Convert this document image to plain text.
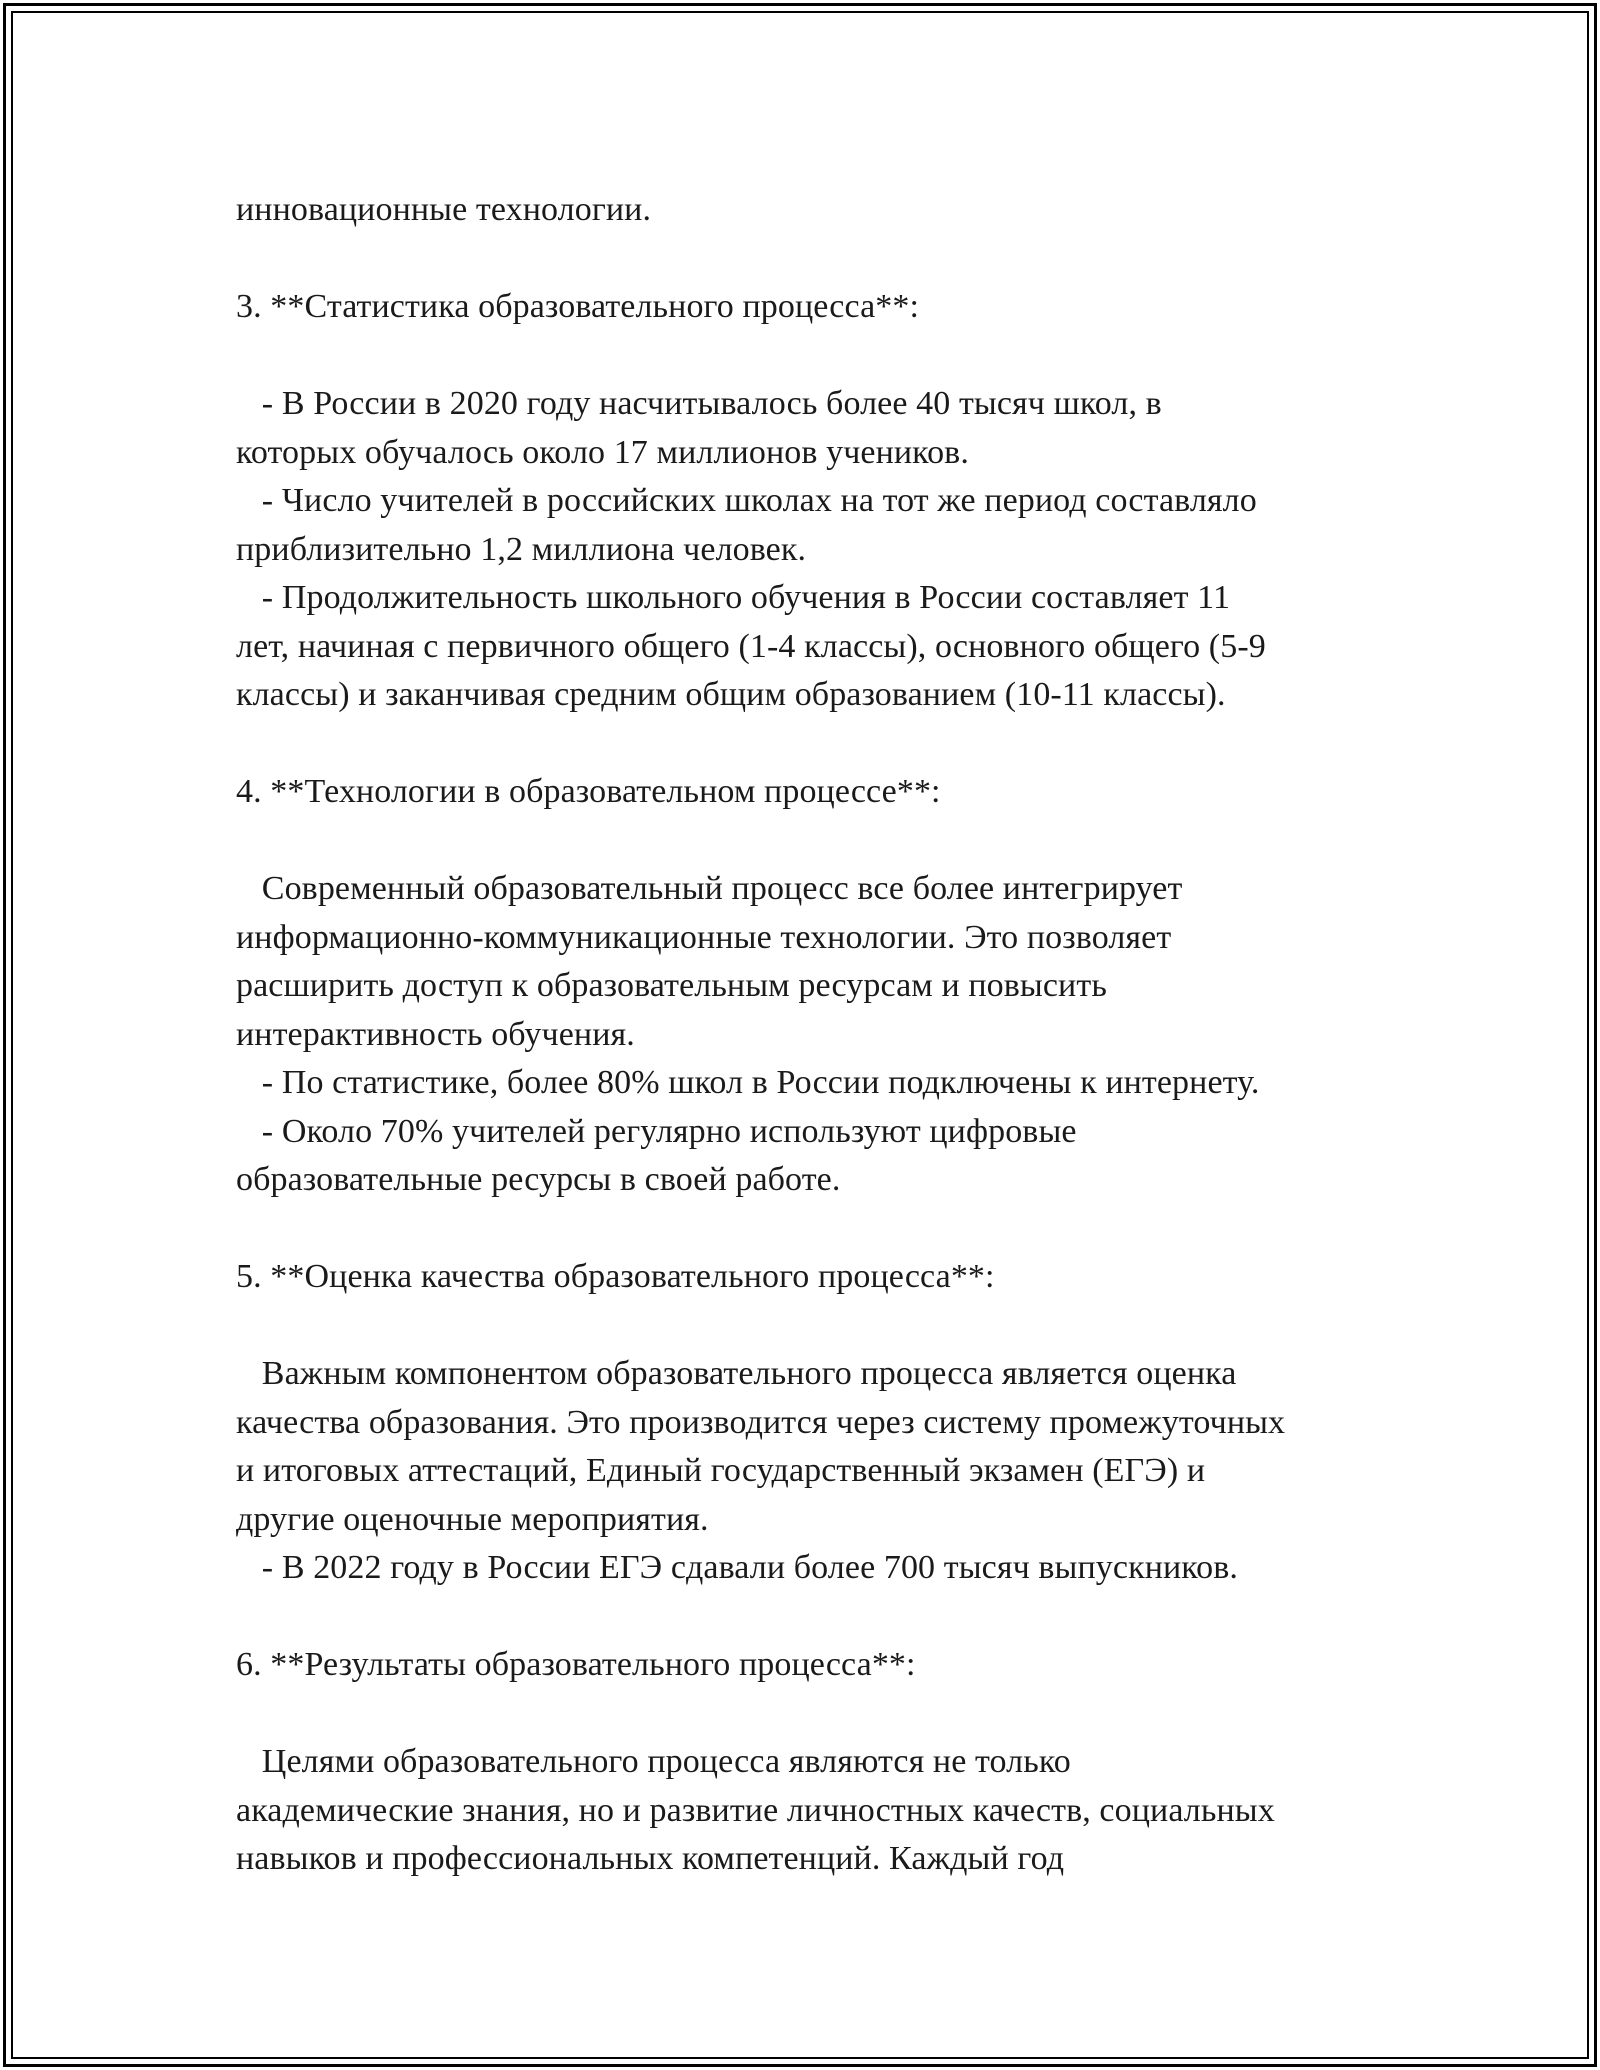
инновационные технологии.
3. **Статистика образовательного процесса**:
- В России в 2020 году насчитывалось более 40 тысяч школ, в
которых обучалось около 17 миллионов учеников.
- Число учителей в российских школах на тот же период составляло
приблизительно 1,2 миллиона человек.
- Продолжительность школьного обучения в России составляет 11
лет, начиная с первичного общего (1-4 классы), основного общего (5-9
классы) и заканчивая средним общим образованием (10-11 классы).
4. **Технологии в образовательном процессе**:
Современный образовательный процесс все более интегрирует
информационно-коммуникационные технологии. Это позволяет
расширить доступ к образовательным ресурсам и повысить
интерактивность обучения.
- По статистике, более 80% школ в России подключены к интернету.
- Около 70% учителей регулярно используют цифровые
образовательные ресурсы в своей работе.
5. **Оценка качества образовательного процесса**:
Важным компонентом образовательного процесса является оценка
качества образования. Это производится через систему промежуточных
и итоговых аттестаций, Единый государственный экзамен (ЕГЭ) и
другие оценочные мероприятия.
- В 2022 году в России ЕГЭ сдавали более 700 тысяч выпускников.
6. **Результаты образовательного процесса**:
Целями образовательного процесса являются не только
академические знания, но и развитие личностных качеств, социальных
навыков и профессиональных компетенций. Каждый год
